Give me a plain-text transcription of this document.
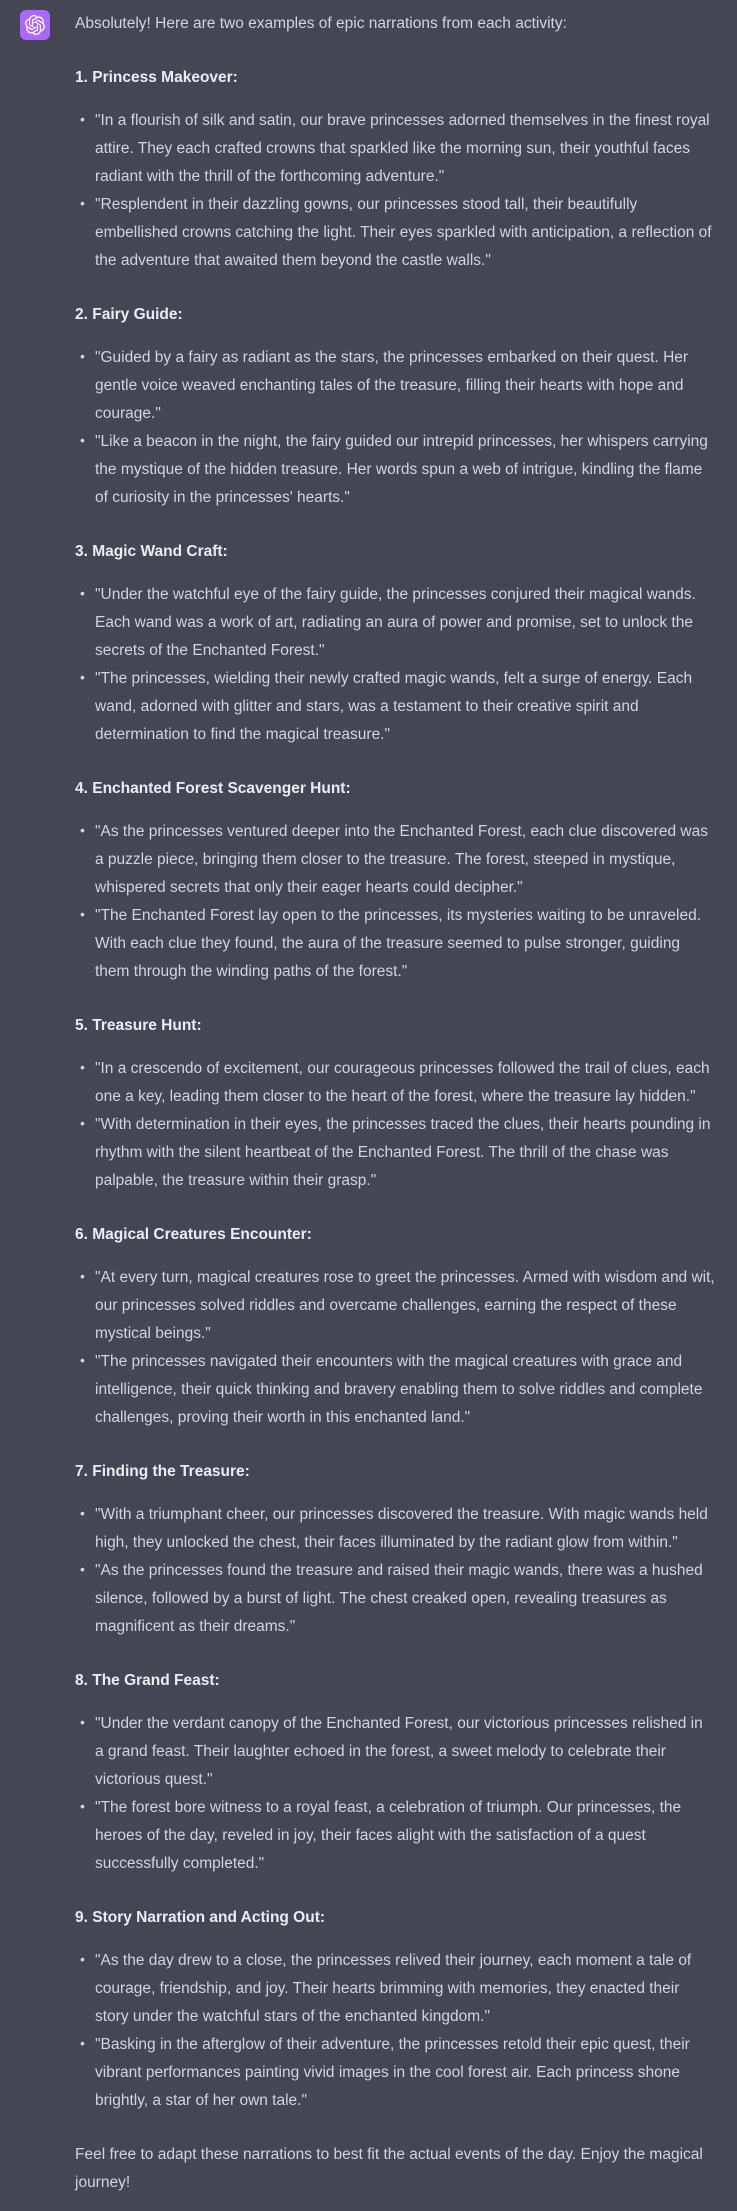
Absolutely! Here are two examples of epic narrations from each activity:

1. Princess Makeover:

• "In a flourish of silk and satin, our brave princesses adorned themselves in the finest royal attire. They each crafted crowns that sparkled like the morning sun, their youthful faces radiant with the thrill of the forthcoming adventure."
• "Resplendent in their dazzling gowns, our princesses stood tall, their beautifully embellished crowns catching the light. Their eyes sparkled with anticipation, a reflection of the adventure that awaited them beyond the castle walls."

2. Fairy Guide:

• "Guided by a fairy as radiant as the stars, the princesses embarked on their quest. Her gentle voice weaved enchanting tales of the treasure, filling their hearts with hope and courage."
• "Like a beacon in the night, the fairy guided our intrepid princesses, her whispers carrying the mystique of the hidden treasure. Her words spun a web of intrigue, kindling the flame of curiosity in the princesses' hearts."

3. Magic Wand Craft:

• "Under the watchful eye of the fairy guide, the princesses conjured their magical wands. Each wand was a work of art, radiating an aura of power and promise, set to unlock the secrets of the Enchanted Forest."
• "The princesses, wielding their newly crafted magic wands, felt a surge of energy. Each wand, adorned with glitter and stars, was a testament to their creative spirit and determination to find the magical treasure."

4. Enchanted Forest Scavenger Hunt:

• "As the princesses ventured deeper into the Enchanted Forest, each clue discovered was a puzzle piece, bringing them closer to the treasure. The forest, steeped in mystique, whispered secrets that only their eager hearts could decipher."
• "The Enchanted Forest lay open to the princesses, its mysteries waiting to be unraveled. With each clue they found, the aura of the treasure seemed to pulse stronger, guiding them through the winding paths of the forest."

5. Treasure Hunt:

• "In a crescendo of excitement, our courageous princesses followed the trail of clues, each one a key, leading them closer to the heart of the forest, where the treasure lay hidden."
• "With determination in their eyes, the princesses traced the clues, their hearts pounding in rhythm with the silent heartbeat of the Enchanted Forest. The thrill of the chase was palpable, the treasure within their grasp."

6. Magical Creatures Encounter:

• "At every turn, magical creatures rose to greet the princesses. Armed with wisdom and wit, our princesses solved riddles and overcame challenges, earning the respect of these mystical beings."
• "The princesses navigated their encounters with the magical creatures with grace and intelligence, their quick thinking and bravery enabling them to solve riddles and complete challenges, proving their worth in this enchanted land."

7. Finding the Treasure:

• "With a triumphant cheer, our princesses discovered the treasure. With magic wands held high, they unlocked the chest, their faces illuminated by the radiant glow from within."
• "As the princesses found the treasure and raised their magic wands, there was a hushed silence, followed by a burst of light. The chest creaked open, revealing treasures as magnificent as their dreams."

8. The Grand Feast:

• "Under the verdant canopy of the Enchanted Forest, our victorious princesses relished in a grand feast. Their laughter echoed in the forest, a sweet melody to celebrate their victorious quest."
• "The forest bore witness to a royal feast, a celebration of triumph. Our princesses, the heroes of the day, reveled in joy, their faces alight with the satisfaction of a quest successfully completed."

9. Story Narration and Acting Out:

• "As the day drew to a close, the princesses relived their journey, each moment a tale of courage, friendship, and joy. Their hearts brimming with memories, they enacted their story under the watchful stars of the enchanted kingdom."
• "Basking in the afterglow of their adventure, the princesses retold their epic quest, their vibrant performances painting vivid images in the cool forest air. Each princess shone brightly, a star of her own tale."

Feel free to adapt these narrations to best fit the actual events of the day. Enjoy the magical journey!
